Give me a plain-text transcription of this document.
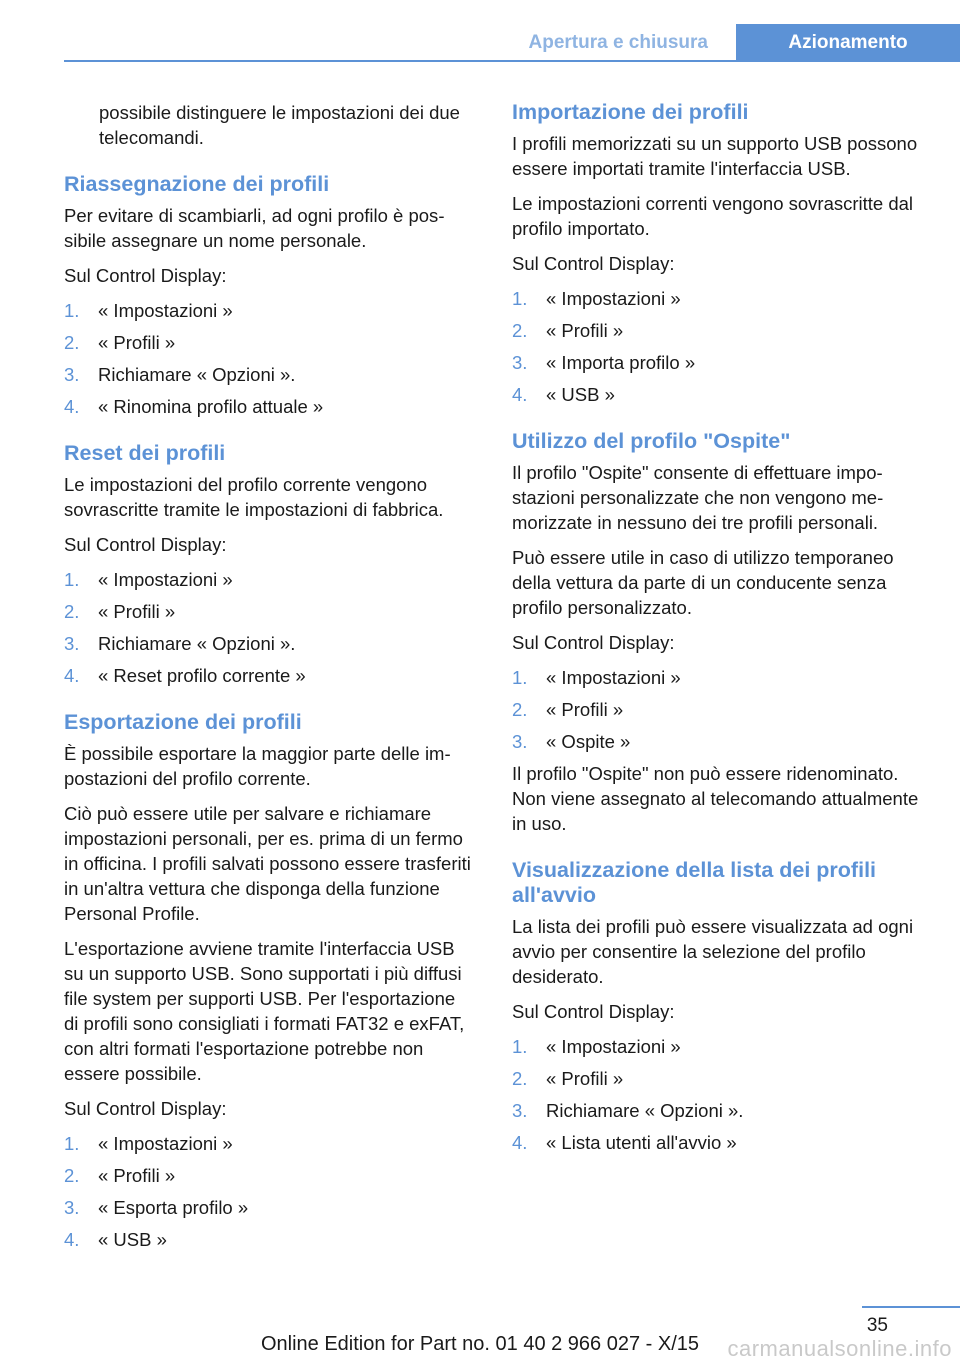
Apertura e chiusura	Azionamento

possibile distinguere le impostazioni dei due telecomandi.

Riassegnazione dei profili

Per evitare di scambiarli, ad ogni profilo è possibile assegnare un nome personale.

Sul Control Display:

1.	« Impostazioni »
2.	« Profili »
3.	Richiamare « Opzioni ».
4.	« Rinomina profilo attuale »
Reset dei profili

Le impostazioni del profilo corrente vengono sovrascritte tramite le impostazioni di fabbrica.

Sul Control Display:

1.	« Impostazioni »
2.	« Profili »
3.	Richiamare « Opzioni ».
4.	« Reset profilo corrente »
Esportazione dei profili

È possibile esportare la maggior parte delle impostazioni del profilo corrente.

Ciò può essere utile per salvare e richiamare impostazioni personali, per es. prima di un fermo in officina. I profili salvati possono essere trasferiti in un'altra vettura che disponga della funzione Personal Profile.

L'esportazione avviene tramite l'interfaccia USB su un supporto USB. Sono supportati i più diffusi file system per supporti USB. Per l'esportazione di profili sono consigliati i formati FAT32 e exFAT, con altri formati l'esportazione potrebbe non essere possibile.

Sul Control Display:

1.	« Impostazioni »
2.	« Profili »
3.	« Esporta profilo »
4.	« USB »
Importazione dei profili

I profili memorizzati su un supporto USB possono essere importati tramite l'interfaccia USB.

Le impostazioni correnti vengono sovrascritte dal profilo importato.

Sul Control Display:

1.	« Impostazioni »
2.	« Profili »
3.	« Importa profilo »
4.	« USB »
Utilizzo del profilo "Ospite"

Il profilo "Ospite" consente di effettuare impostazioni personalizzate che non vengono memorizzate in nessuno dei tre profili personali.

Può essere utile in caso di utilizzo temporaneo della vettura da parte di un conducente senza profilo personalizzato.

Sul Control Display:

1.	« Impostazioni »
2.	« Profili »
3.	« Ospite »

Il profilo "Ospite" non può essere ridenominato. Non viene assegnato al telecomando attualmente in uso.

Visualizzazione della lista dei profili all'avvio

La lista dei profili può essere visualizzata ad ogni avvio per consentire la selezione del profilo desiderato.

Sul Control Display:

1.	« Impostazioni »
2.	« Profili »
3.	Richiamare « Opzioni ».
4.	« Lista utenti all'avvio »
35
Online Edition for Part no. 01 40 2 966 027 - X/15	carmanualsonline.info
